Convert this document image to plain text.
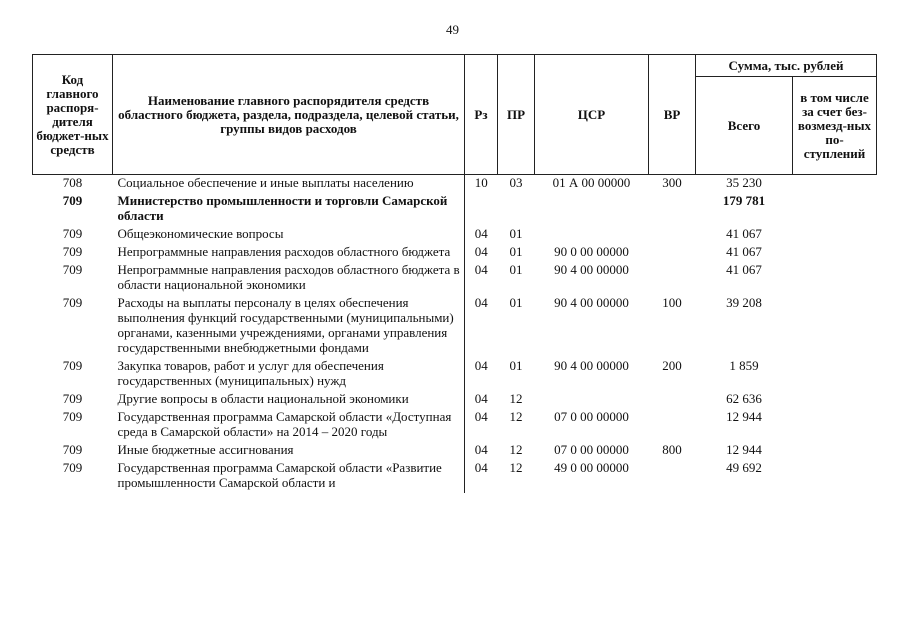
49
Код главного распоря-дителя бюджет-ных средств	Наименование главного распорядителя средств областного бюджета, раздела, подраздела, целевой статьи, группы видов расходов	Рз	ПР	ЦСР	ВР	Сумма, тыс. рублей	
						Всего	в том числе за счет без-возмезд-ных по-ступлений
708	Социальное обеспечение и иные выплаты населению	10	03	01 А 00 00000	300	35 230	
709	Министерство промышленности и торговли Самарской области					179 781	
709	Общеэкономические вопросы	04	01			41 067	
709	Непрограммные направления расходов областного бюджета	04	01	90 0 00 00000		41 067	
709	Непрограммные направления расходов областного бюджета в области национальной экономики	04	01	90 4 00 00000		41 067	
709	Расходы на выплаты персоналу в целях обеспечения выполнения функций государственными (муниципальными) органами, казенными учреждениями, органами управления государственными внебюджетными фондами	04	01	90 4 00 00000	100	39 208	
709	Закупка товаров, работ и услуг для обеспечения государственных (муниципальных) нужд	04	01	90 4 00 00000	200	1 859	
709	Другие вопросы в области национальной экономики	04	12			62 636	
709	Государственная программа Самарской области «Доступная среда в Самарской области» на 2014 – 2020 годы	04	12	07 0 00 00000		12 944	
709	Иные бюджетные ассигнования	04	12	07 0 00 00000	800	12 944	
709	Государственная программа Самарской области «Развитие промышленности Самарской области и	04	12	49 0 00 00000		49 692	
